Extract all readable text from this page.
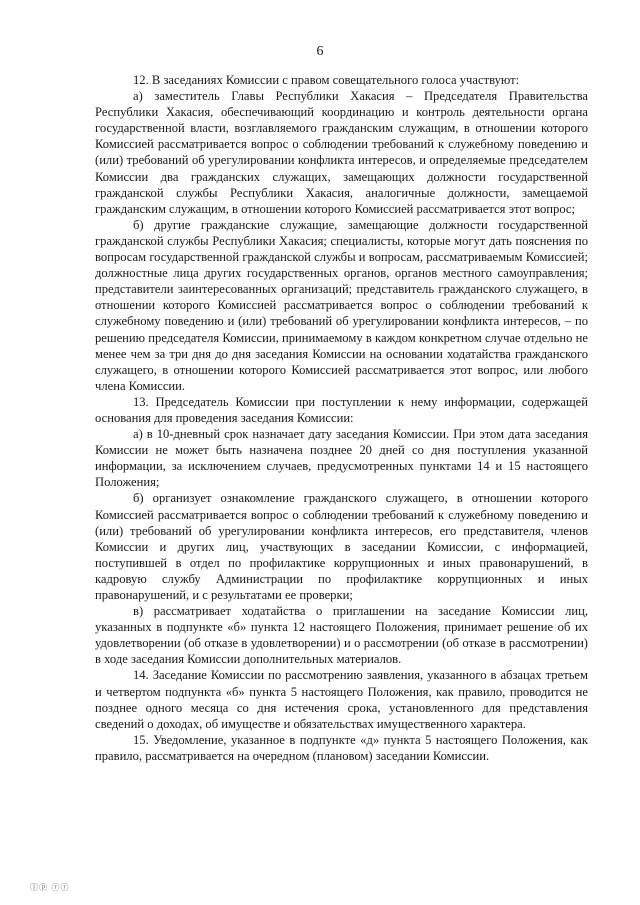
6

12. В заседаниях Комиссии с правом совещательного голоса участвуют:

а) заместитель Главы Республики Хакасия – Председателя Правительства Республики Хакасия, обеспечивающий координацию и контроль деятельности органа государственной власти, возглавляемого гражданским служащим, в отношении которого Комиссией рассматривается вопрос о соблюдении требований к служебному поведению и (или) требований об урегулировании конфликта интересов, и определяемые председателем Комиссии два гражданских служащих, замещающих должности государственной гражданской службы Республики Хакасия, аналогичные должности, замещаемой гражданским служащим, в отношении которого Комиссией рассматривается этот вопрос;

б) другие гражданские служащие, замещающие должности государственной гражданской службы Республики Хакасия; специалисты, которые могут дать пояснения по вопросам государственной гражданской службы и вопросам, рассматриваемым Комиссией; должностные лица других государственных органов, органов местного самоуправления; представители заинтересованных организаций; представитель гражданского служащего, в отношении которого Комиссией рассматривается вопрос о соблюдении требований к служебному поведению и (или) требований об урегулировании конфликта интересов, – по решению председателя Комиссии, принимаемому в каждом конкретном случае отдельно не менее чем за три дня до дня заседания Комиссии на основании ходатайства гражданского служащего, в отношении которого Комиссией рассматривается этот вопрос, или любого члена Комиссии.

13. Председатель Комиссии при поступлении к нему информации, содержащей основания для проведения заседания Комиссии:

а) в 10-дневный срок назначает дату заседания Комиссии. При этом дата заседания Комиссии не может быть назначена позднее 20 дней со дня поступления указанной информации, за исключением случаев, предусмотренных пунктами 14 и 15 настоящего Положения;

б) организует ознакомление гражданского служащего, в отношении которого Комиссией рассматривается вопрос о соблюдении требований к служебному поведению и (или) требований об урегулировании конфликта интересов, его представителя, членов Комиссии и других лиц, участвующих в заседании Комиссии, с информацией, поступившей в отдел по профилактике коррупционных и иных правонарушений, в кадровую службу Администрации по профилактике коррупционных и иных правонарушений, и с результатами ее проверки;

в) рассматривает ходатайства о приглашении на заседание Комиссии лиц, указанных в подпункте «б» пункта 12 настоящего Положения, принимает решение об их удовлетворении (об отказе в удовлетворении) и о рассмотрении (об отказе в рассмотрении) в ходе заседания Комиссии дополнительных материалов.

14. Заседание Комиссии по рассмотрению заявления, указанного в абзацах третьем и четвертом подпункта «б» пункта 5 настоящего Положения, как правило, проводится не позднее одного месяца со дня истечения срока, установленного для представления сведений о доходах, об имуществе и обязательствах имущественного характера.

15. Уведомление, указанное в подпункте «д» пункта 5 настоящего Положения, как правило, рассматривается на очередном (плановом) заседании Комиссии.

ⓛⓟ ⓡⓡ
